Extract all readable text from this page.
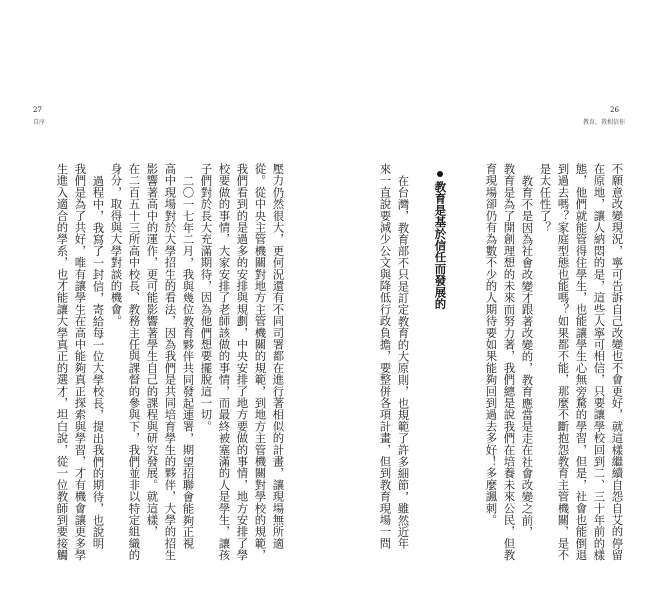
27
自序
26
教育，我相信你
不願意改變現況，寧可告訴自己改變也不會更好，就這樣繼續自怨自艾的停留
在原地，讓人納悶的是，這些人寧可相信，只要讓學校回到二、三十年前的樣
態，他們就能管得住學生，也能讓學生心無旁騖的學習，但是，社會也能倒退
到過去嗎？家庭型態也能嗎？如果都不能，那麼不斷抱怨教育主管機關，是不
是太任性了？
教育不是因為社會改變才跟著改變的，教育應當是走在社會改變之前，
教育是為了開創理想的未來而努力著，我們總是說我們在培養未來公民，但教
育現場卻仍有為數不少的人期待要如果能夠回到過去多好！多麼諷刺。
教育是基於信任而發展的
在台灣，教育部不只是訂定教育的大原則，也規範了許多細節，雖然近年
來一直說要減少公文與降低行政負擔，要整併各項計畫，但到教育現場一問
壓力仍然很大，更何況還有不同司署都在進行著相似的計畫，讓現場無所適
從。從中央主管機關對地方主管機關的規範，到地方主管機關對學校的規範，
我們看到的是過多的安排與規劃，中央安排了地方要做的事情，地方安排了學
校要做的事情，大家安排了老師該做的事情，而最終被塞滿的人是學生，讓孩
子們對於長大充滿期待，因為他們想要擺脫這一切。
二〇一七年二月，我與幾位教育夥伴共同發起連署，期望招聯會能夠正視
高中現場對於大學招生的看法，因為我們是共同培育學生的夥伴，大學的招生
影響著高中的運作，更可能影響著學生自己的課程與研究發展。就這樣，
在二百五十三所高中校長、教務主任與課督的參與下，我們並非以特定組織的
身分，取得與大學對談的機會。
過程中，我寫了一封信，寄給每一位大學校長，提出我們的期待，也說明
我們是為了共好，唯有讓學生在高中能夠真正探索與學習，才有機會讓更多學
生進入適合的學系，也才能讓大學真正的選才，坦白說，從一位教師到要接觸
